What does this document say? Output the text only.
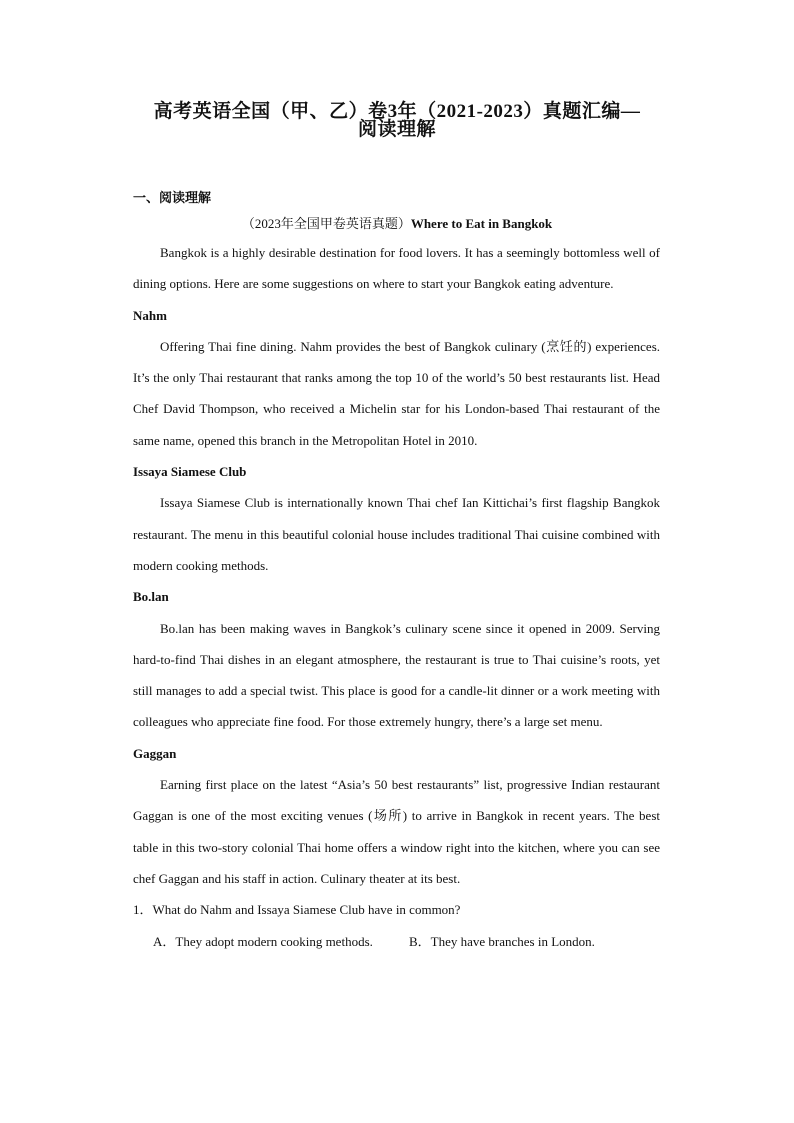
高考英语全国（甲、乙）卷3年（2021-2023）真题汇编—
阅读理解
一、阅读理解
（2023年全国甲卷英语真题）Where to Eat in Bangkok

Bangkok is a highly desirable destination for food lovers. It has a seemingly bottomless well of dining options. Here are some suggestions on where to start your Bangkok eating adventure.

Nahm

Offering Thai fine dining. Nahm provides the best of Bangkok culinary (烹饪的) experiences. It’s the only Thai restaurant that ranks among the top 10 of the world’s 50 best restaurants list. Head Chef David Thompson, who received a Michelin star for his London-based Thai restaurant of the same name, opened this branch in the Metropolitan Hotel in 2010.

Issaya Siamese Club

Issaya Siamese Club is internationally known Thai chef Ian Kittichai’s first flagship Bangkok restaurant. The menu in this beautiful colonial house includes traditional Thai cuisine combined with modern cooking methods.

Bo.lan

Bo.lan has been making waves in Bangkok’s culinary scene since it opened in 2009. Serving hard-to-find Thai dishes in an elegant atmosphere, the restaurant is true to Thai cuisine’s roots, yet still manages to add a special twist. This place is good for a candle-lit dinner or a work meeting with colleagues who appreciate fine food. For those extremely hungry, there’s a large set menu.

Gaggan

Earning first place on the latest “Asia’s 50 best restaurants” list, progressive Indian restaurant Gaggan is one of the most exciting venues (场所) to arrive in Bangkok in recent years. The best table in this two-story colonial Thai home offers a window right into the kitchen, where you can see chef Gaggan and his staff in action. Culinary theater at its best.

1．What do Nahm and Issaya Siamese Club have in common?

A．They adopt modern cooking methods.	B．They have branches in London.
